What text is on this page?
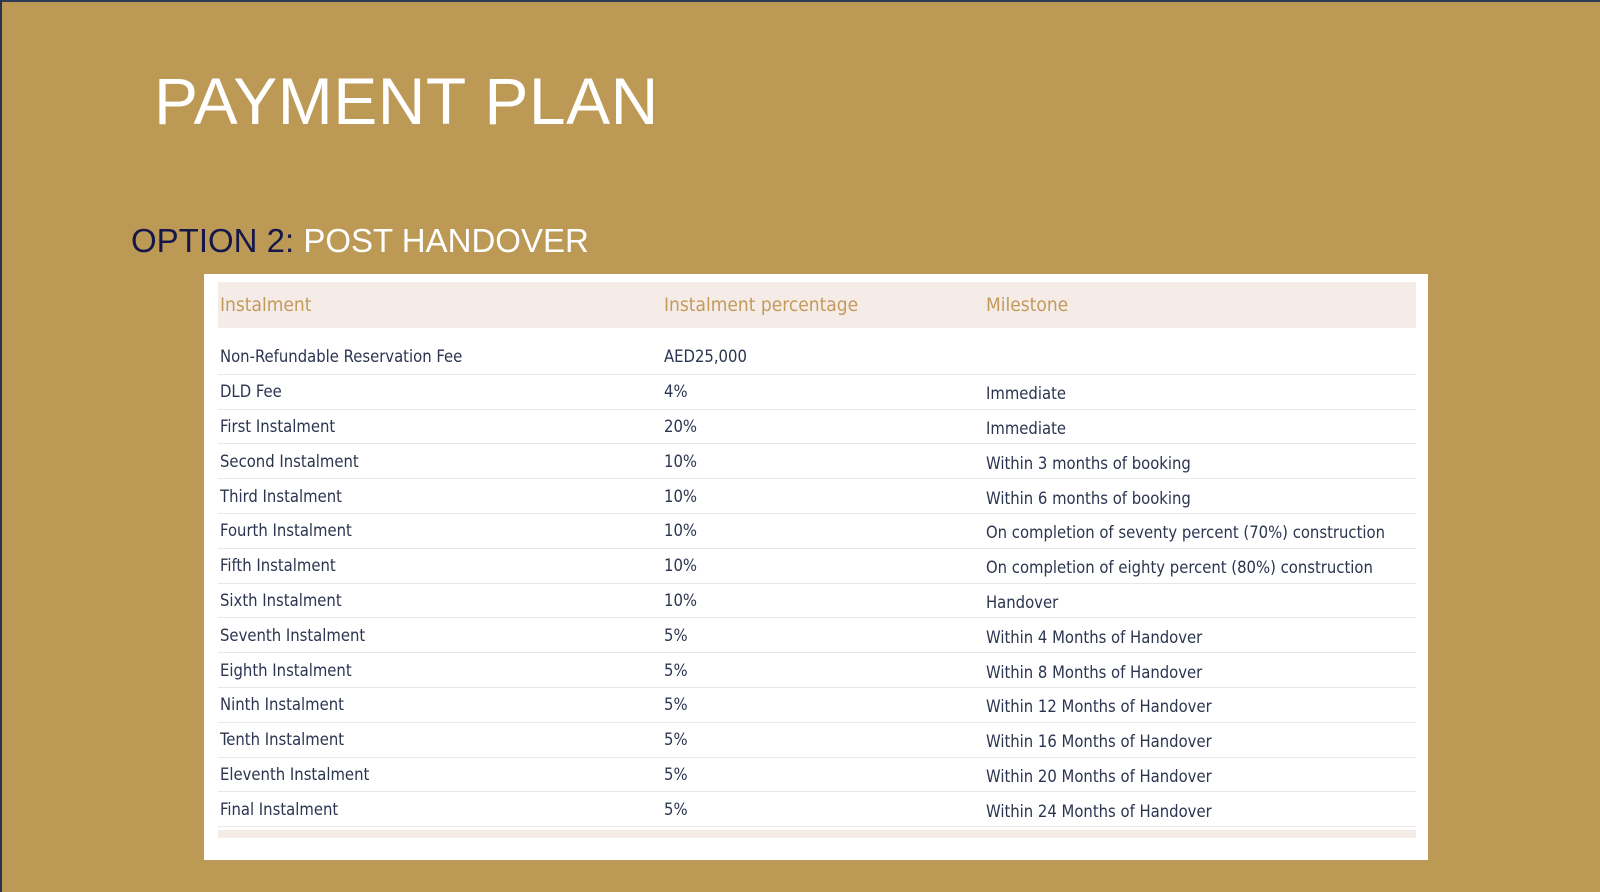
PAYMENT PLAN
OPTION 2: POST HANDOVER
Instalment	Instalment percentage	Milestone
Non-Refundable Reservation Fee	AED25,000
DLD Fee	4%	Immediate
First Instalment	20%	Immediate
Second Instalment	10%	Within 3 months of booking
Third Instalment	10%	Within 6 months of booking
Fourth Instalment	10%	On completion of seventy percent (70%) construction
Fifth Instalment	10%	On completion of eighty percent (80%) construction
Sixth Instalment	10%	Handover
Seventh Instalment	5%	Within 4 Months of Handover
Eighth Instalment	5%	Within 8 Months of Handover
Ninth Instalment	5%	Within 12 Months of Handover
Tenth Instalment	5%	Within 16 Months of Handover
Eleventh Instalment	5%	Within 20 Months of Handover
Final Instalment	5%	Within 24 Months of Handover
